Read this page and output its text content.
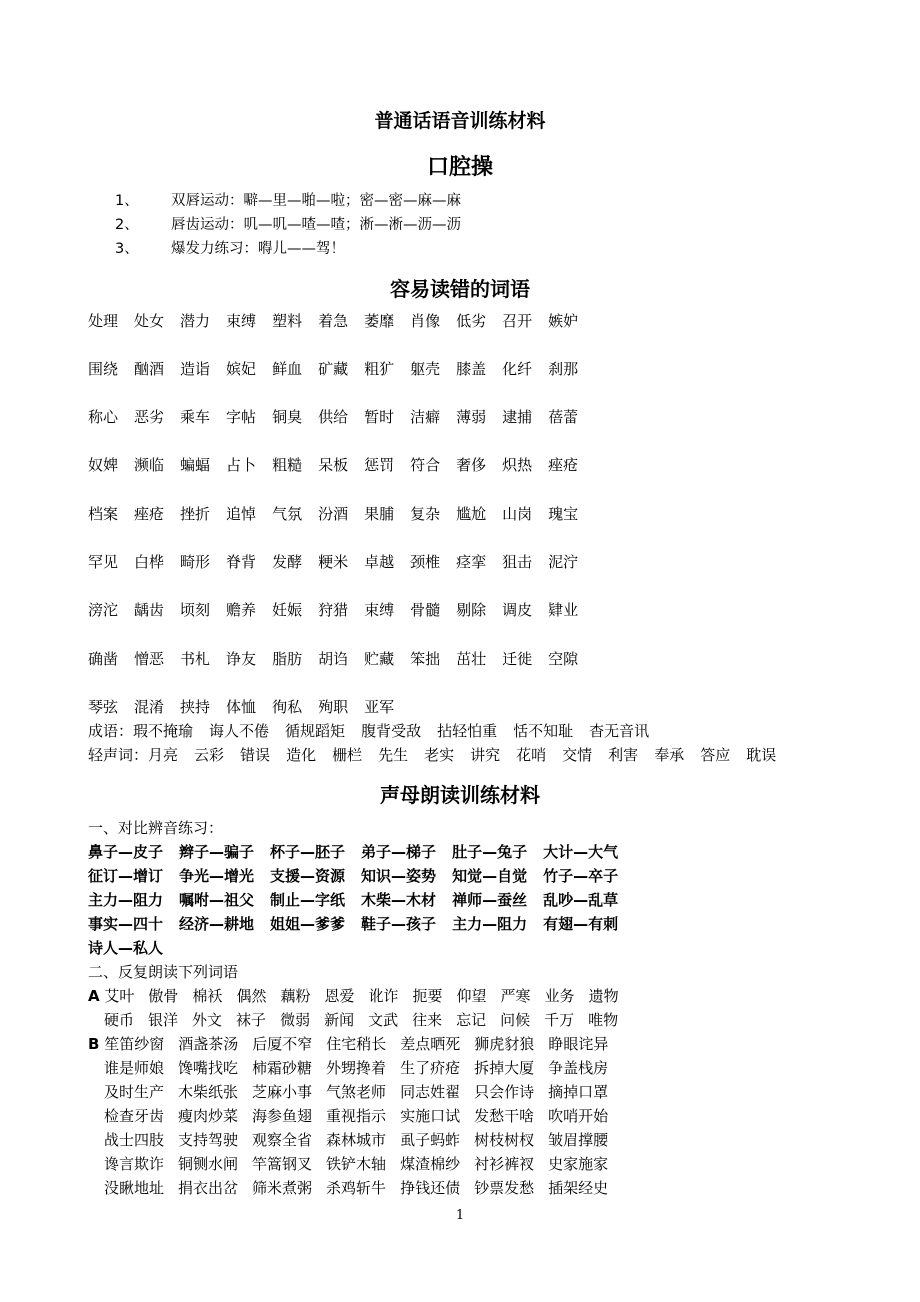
普通话语音训练材料
口腔操
1、 双唇运动：噼—里—啪—啦；密—密—麻—麻
2、 唇齿运动：叽—叽—喳—喳；淅—淅—沥—沥
3、 爆发力练习：嘚儿——驾！
容易读错的词语
处理 处女 潜力 束缚 塑料 着急 萎靡 肖像 低劣 召开 嫉妒
围绕 酗酒 造诣 嫔妃 鲜血 矿藏 粗犷 躯壳 膝盖 化纤 刹那
称心 恶劣 乘车 字帖 铜臭 供给 暂时 洁癖 薄弱 逮捕 蓓蕾
奴婢 濒临 蝙蝠 占卜 粗糙 呆板 惩罚 符合 奢侈 炽热 痤疮
档案 痤疮 挫折 追悼 气氛 汾酒 果脯 复杂 尴尬 山岗 瑰宝
罕见 白桦 畸形 脊背 发酵 粳米 卓越 颈椎 痉挛 狙击 泥泞
滂沱 龋齿 顷刻 赡养 妊娠 狩猎 束缚 骨髓 剔除 调皮 肄业
确凿 憎恶 书札 诤友 脂肪 胡诌 贮藏 笨拙 茁壮 迁徙 空隙
琴弦 混淆 挟持 体恤 徇私 殉职 亚军
成语：瑕不掩瑜 诲人不倦 循规蹈矩 腹背受敌 拈轻怕重 恬不知耻 杳无音讯
轻声词：月亮 云彩 错误 造化 栅栏 先生 老实 讲究 花哨 交情 利害 奉承 答应 耽误
声母朗读训练材料
一、对比辨音练习：
鼻子—皮子 辫子—骗子 杯子—胚子 弟子—梯子 肚子—兔子 大计—大气
征订—增订 争光—增光 支援—资源 知识—姿势 知觉—自觉 竹子—卒子
主力—阻力 嘱咐—祖父 制止—字纸 木柴—木材 禅师—蚕丝 乱吵—乱草
事实—四十 经济—耕地 姐姐—爹爹 鞋子—孩子 主力—阻力 有翅—有刺
诗人—私人
二、反复朗读下列词语
A 艾叶 傲骨 棉袄 偶然 藕粉 恩爱 讹诈 扼要 仰望 严寒 业务 遗物
硬币 银洋 外文 袜子 微弱 新闻 文武 往来 忘记 问候 千万 唯物
B 笙笛纱窗 酒盏茶汤 后厦不窄 住宅稍长 差点晒死 狮虎豺狼 睁眼诧异
谁是师娘 馋嘴找吃 柿霜砂糖 外甥搀着 生了疥疮 拆掉大厦 争盖栈房
及时生产 木柴纸张 芝麻小事 气煞老师 同志姓翟 只会作诗 摘掉口罩
检查牙齿 瘦肉炒菜 海参鱼翅 重视指示 实施口试 发愁干啥 吹哨开始
战士四肢 支持驾驶 观察全省 森林城市 虱子蚂蚱 树枝树杈 皱眉撑腰
谗言欺诈 铜铡水闸 竿篙钢叉 铁铲木轴 煤渣棉纱 衬衫裤衩 史家施家
没瞅地址 捐衣出岔 筛米煮粥 杀鸡斩牛 挣钱还债 钞票发愁 插架经史
1
